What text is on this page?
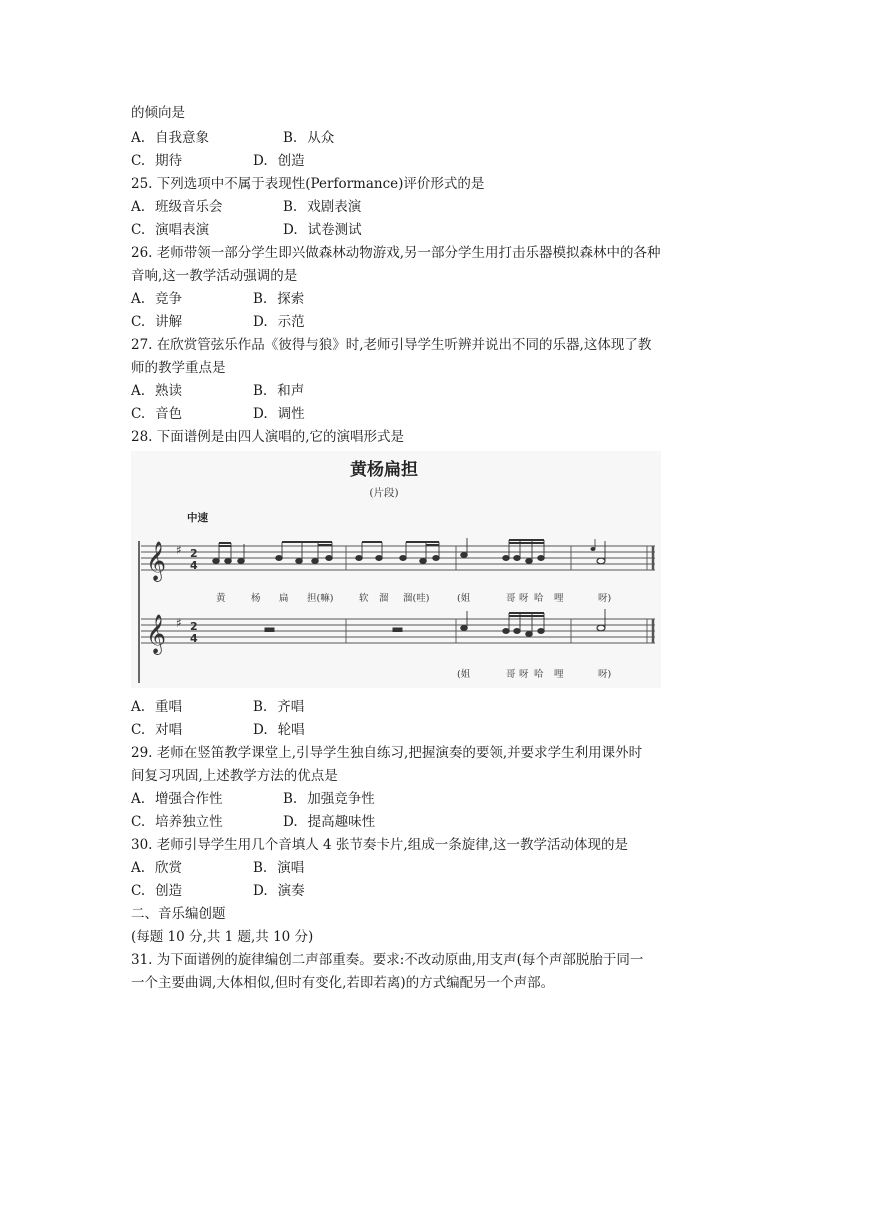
的倾向是
A. 自我意象	B. 从众
C. 期待	D. 创造
25. 下列选项中不属于表现性(Performance)评价形式的是
A. 班级音乐会	B. 戏剧表演
C. 演唱表演	D. 试卷测试
26. 老师带领一部分学生即兴做森林动物游戏,另一部分学生用打击乐器模拟森林中的各种
音响,这一教学活动强调的是
A. 竞争	B. 探索
C. 讲解	D. 示范
27. 在欣赏管弦乐作品《彼得与狼》时,老师引导学生听辨并说出不同的乐器,这体现了教
师的教学重点是
A. 熟读	B. 和声
C. 音色	D. 调性
28. 下面谱例是由四人演唱的,它的演唱形式是
黄杨扁担
(片段)
中速
𝄞 ♯ 2
4
黄	杨 扁 担(嘛)	软 溜 溜(哇)	(姐	哥 呀 哈 哩	呀)
𝄞 ♯ 2
4
(姐	哥 呀 哈 哩	呀)
A. 重唱	B. 齐唱
C. 对唱	D. 轮唱
29. 老师在竖笛教学课堂上,引导学生独自练习,把握演奏的要领,并要求学生利用课外时
间复习巩固,上述教学方法的优点是
A. 增强合作性	B. 加强竞争性
C. 培养独立性	D. 提高趣味性
30. 老师引导学生用几个音填人 4 张节奏卡片,组成一条旋律,这一教学活动体现的是
A. 欣赏	B. 演唱
C. 创造	D. 演奏
二、音乐编创题
(每题 10 分,共 1 题,共 10 分)
31. 为下面谱例的旋律编创二声部重奏。要求:不改动原曲,用支声(每个声部脱胎于同一
一个主要曲调,大体相似,但时有变化,若即若离)的方式编配另一个声部。
